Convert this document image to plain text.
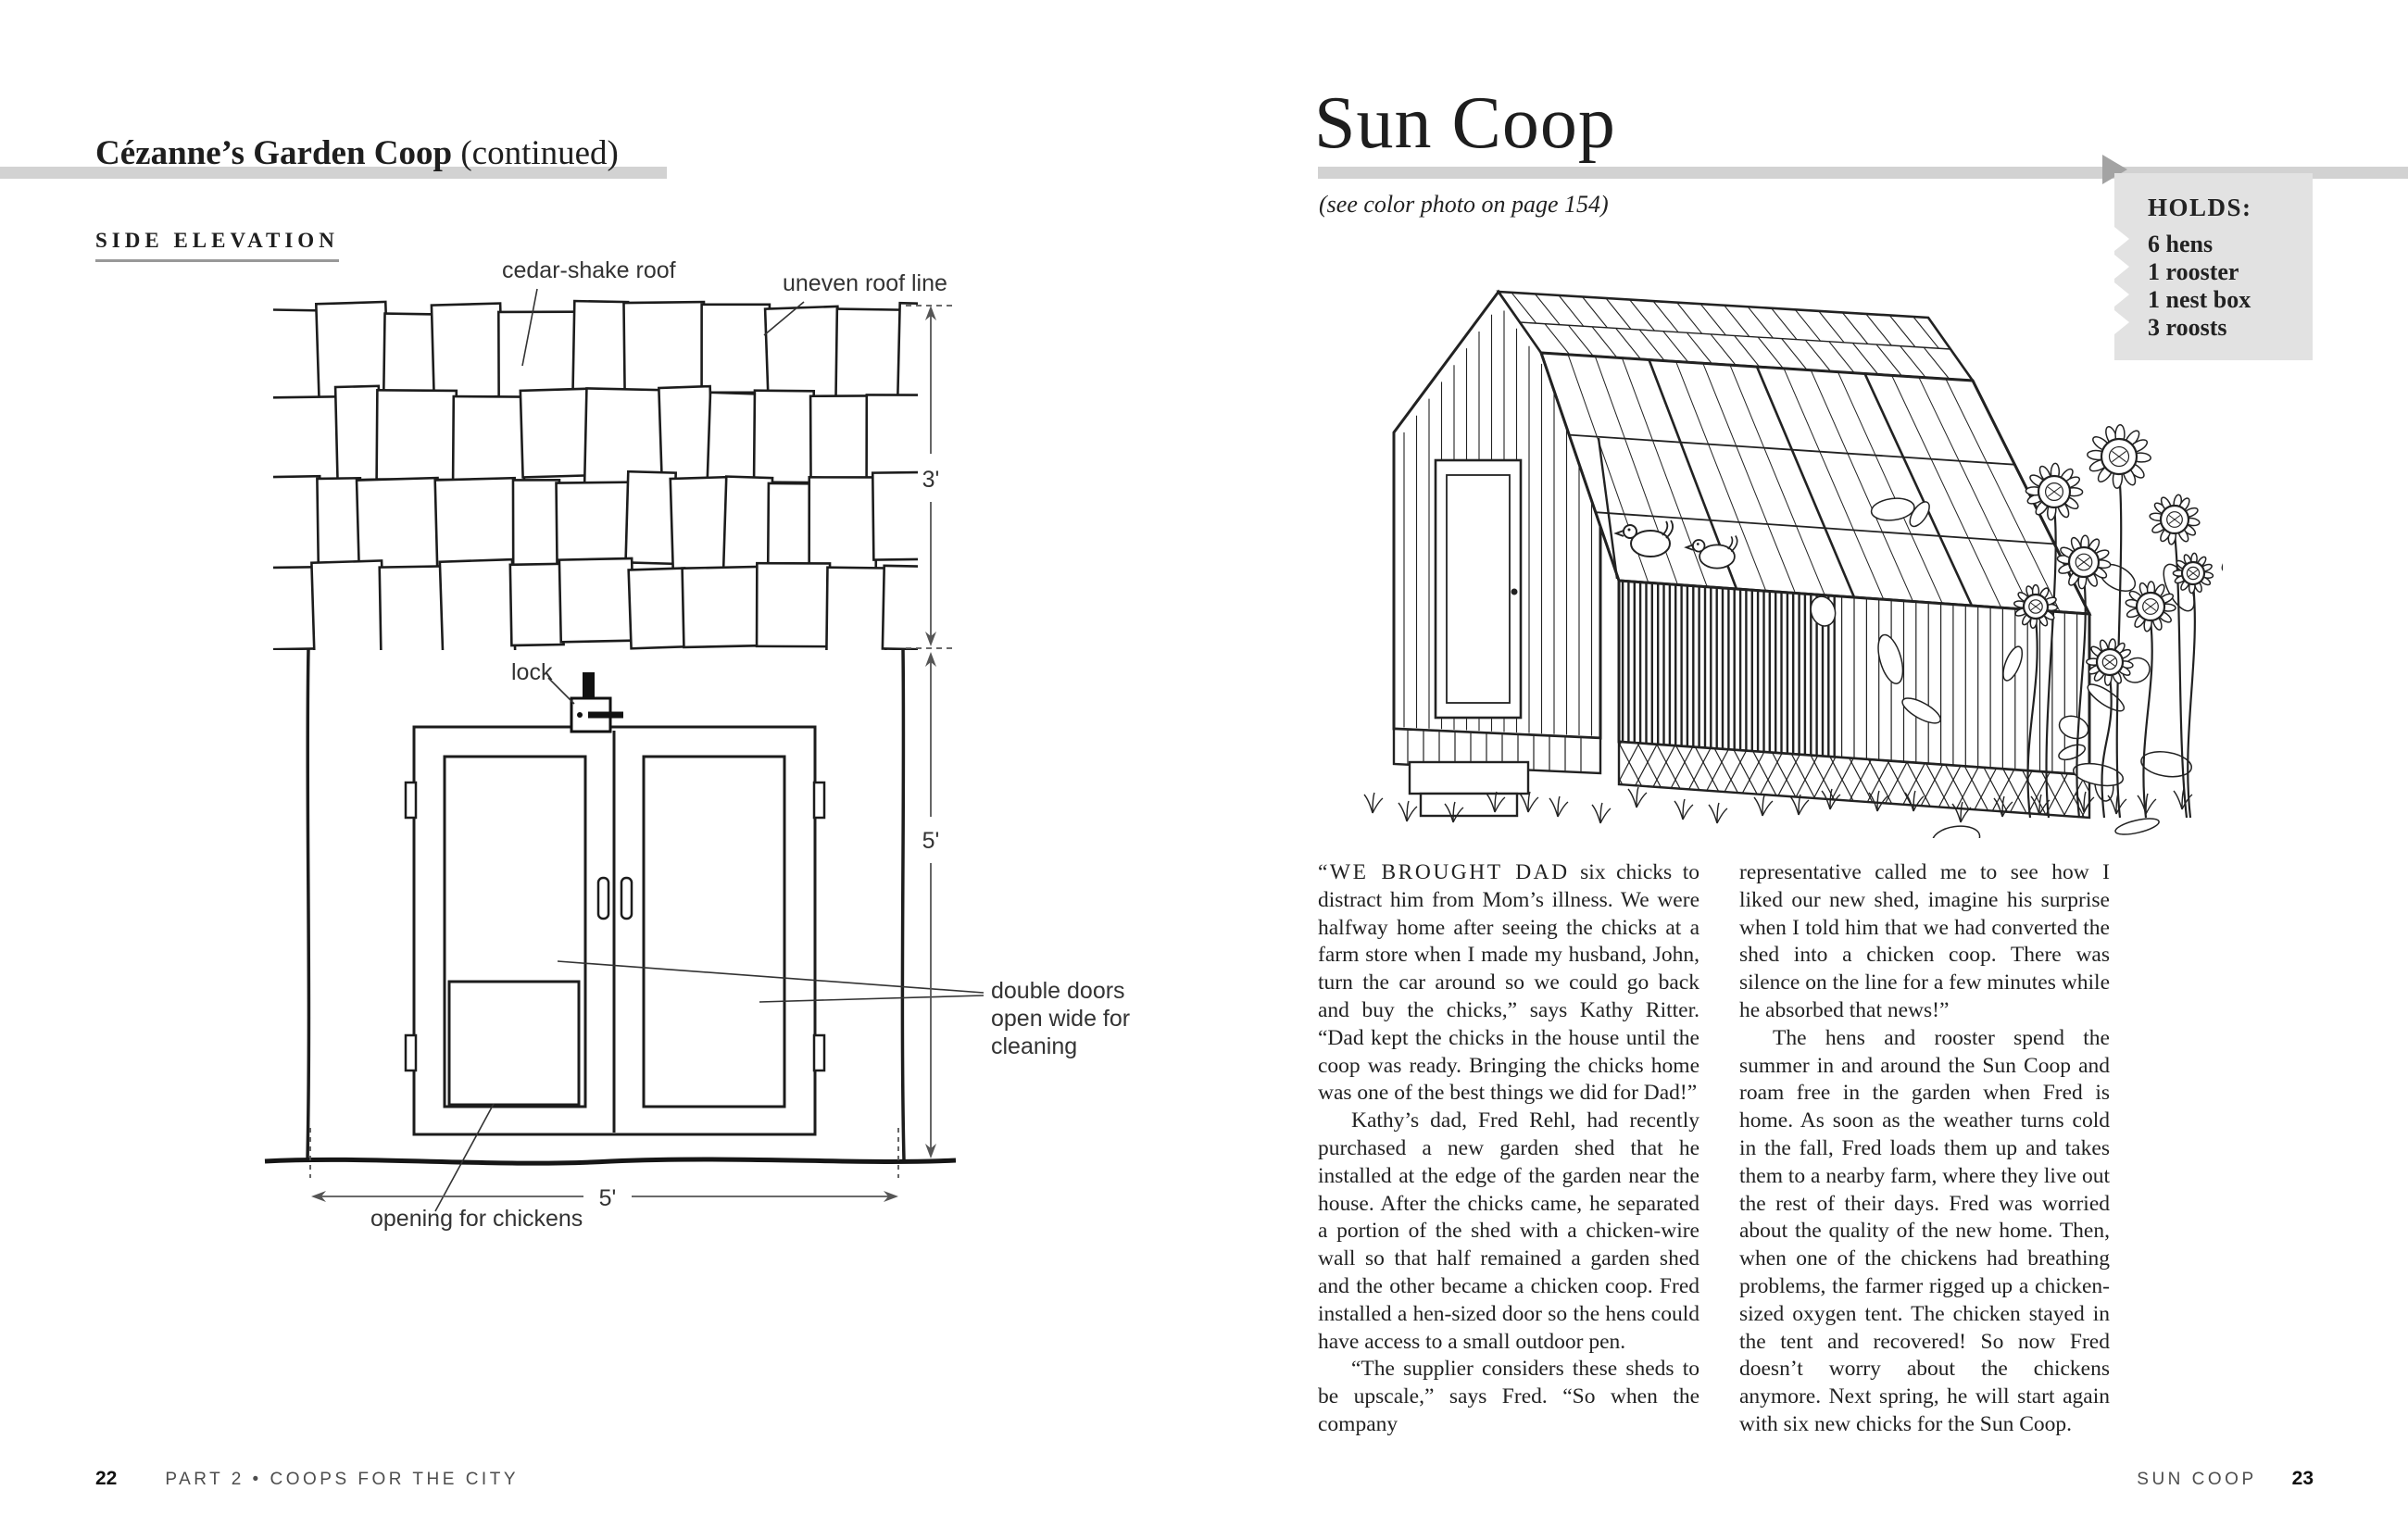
Cézanne’s Garden Coop (continued)
SIDE ELEVATION
cedar-shake roof	uneven roof line
lock
double doors
open wide for
cleaning
opening for chickens
3'
5'
5'
Sun Coop
(see color photo on page 154)	HOLDS:
6 hens
1 rooster
1 nest box
3 roosts

“WE BROUGHT DAD six chicks to distract him from Mom’s illness. We were halfway home after seeing the chicks at a farm store when I made my husband, John, turn the car around so we could go back and buy the chicks,” says Kathy Ritter. “Dad kept the chicks in the house until the coop was ready. Bringing the chicks home was one of the best things we did for Dad!”

Kathy’s dad, Fred Rehl, had recently purchased a new garden shed that he installed at the edge of the garden near the house. After the chicks came, he separated a portion of the shed with a chicken-wire wall so that half remained a garden shed and the other became a chicken coop. Fred installed a hen-sized door so the hens could have access to a small outdoor pen.

“The supplier considers these sheds to be upscale,” says Fred. “So when the company

representative called me to see how I liked our new shed, imagine his surprise when I told him that we had converted the shed into a chicken coop. There was silence on the line for a few minutes while he absorbed that news!”

The hens and rooster spend the summer in and around the Sun Coop and roam free in the garden when Fred is home. As soon as the weather turns cold in the fall, Fred loads them up and takes them to a nearby farm, where they live out the rest of their days. Fred was worried about the quality of the new home. Then, when one of the chickens had breathing problems, the farmer rigged up a chicken-sized oxygen tent. The chicken stayed in the tent and recovered! So now Fred doesn’t worry about the chickens anymore. Next spring, he will start again with six new chicks for the Sun Coop.

22	PART 2 • COOPS FOR THE CITY	SUN COOP 23
